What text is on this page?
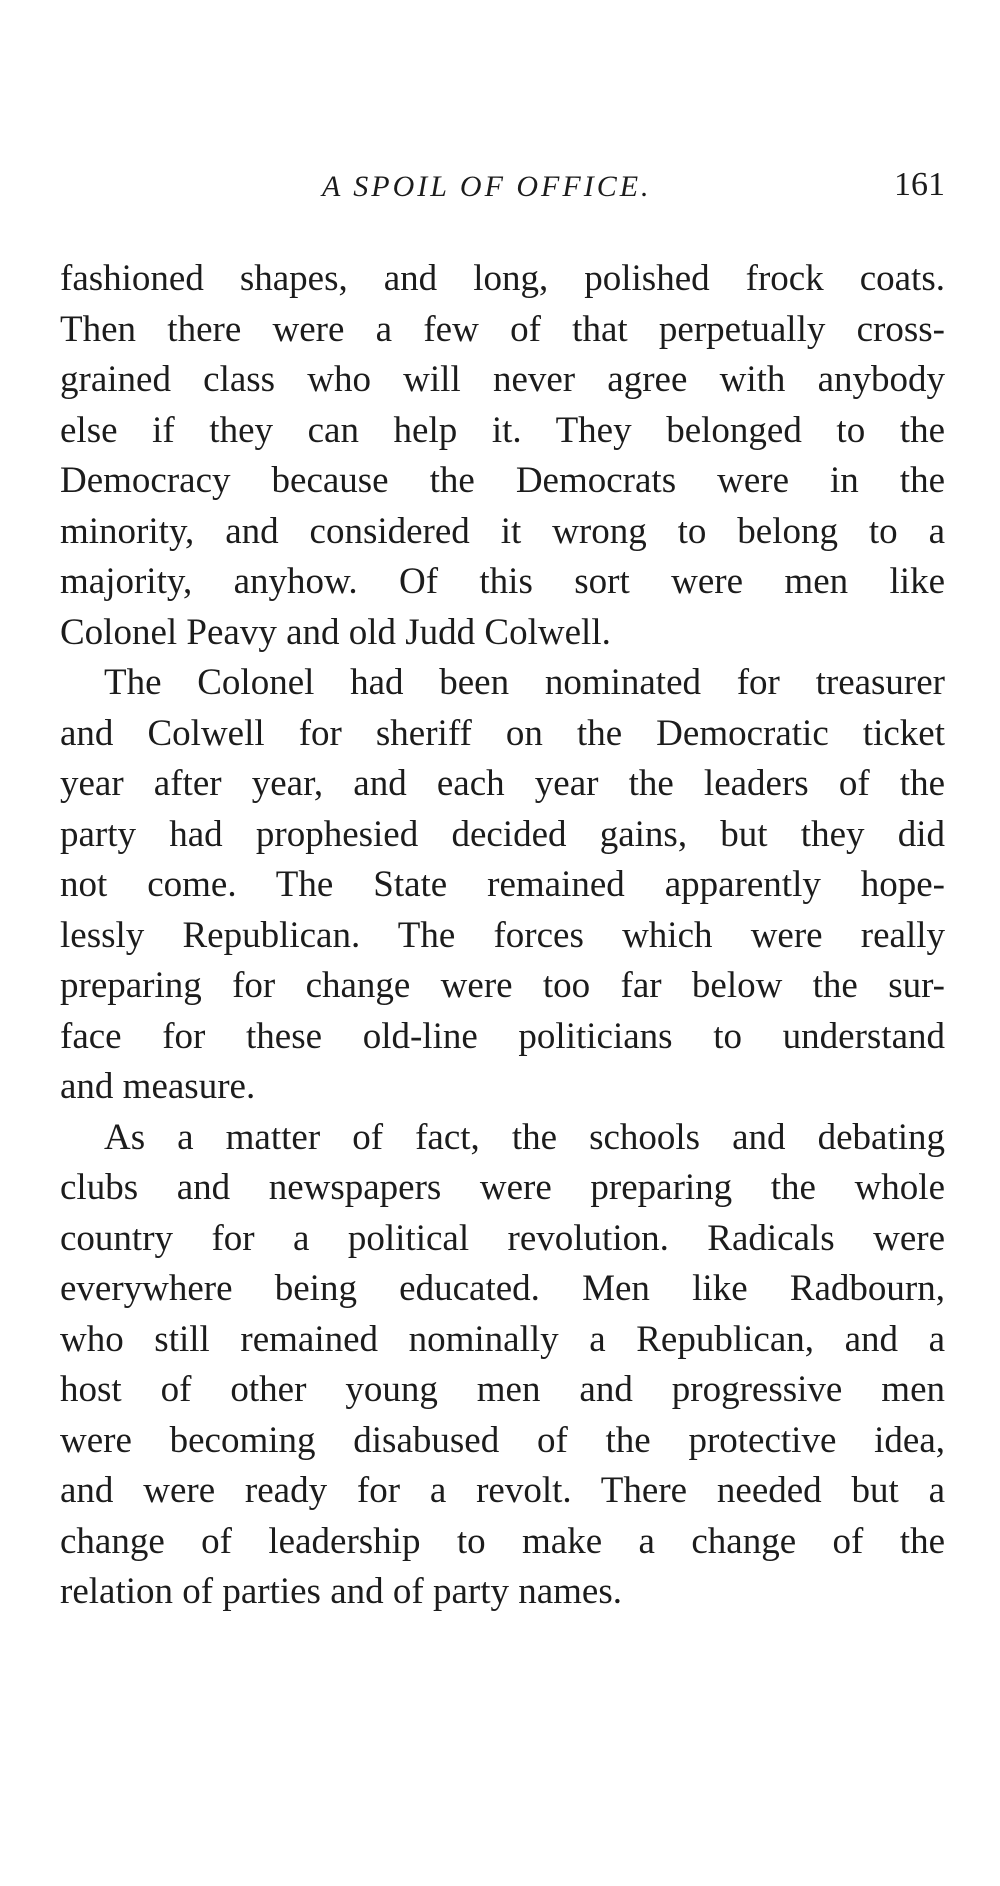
A SPOIL OF OFFICE.	161
fashioned shapes, and long, polished frock coats.
Then there were a few of that perpetually cross-
grained class who will never agree with anybody
else if they can help it. They belonged to the
Democracy because the Democrats were in the
minority, and considered it wrong to belong to a
majority, anyhow. Of this sort were men like
Colonel Peavy and old Judd Colwell.
The Colonel had been nominated for treasurer
and Colwell for sheriff on the Democratic ticket
year after year, and each year the leaders of the
party had prophesied decided gains, but they did
not come. The State remained apparently hope-
lessly Republican. The forces which were really
preparing for change were too far below the sur-
face for these old-line politicians to understand
and measure.
As a matter of fact, the schools and debating
clubs and newspapers were preparing the whole
country for a political revolution. Radicals were
everywhere being educated. Men like Radbourn,
who still remained nominally a Republican, and a
host of other young men and progressive men
were becoming disabused of the protective idea,
and were ready for a revolt. There needed but a
change of leadership to make a change of the
relation of parties and of party names.
